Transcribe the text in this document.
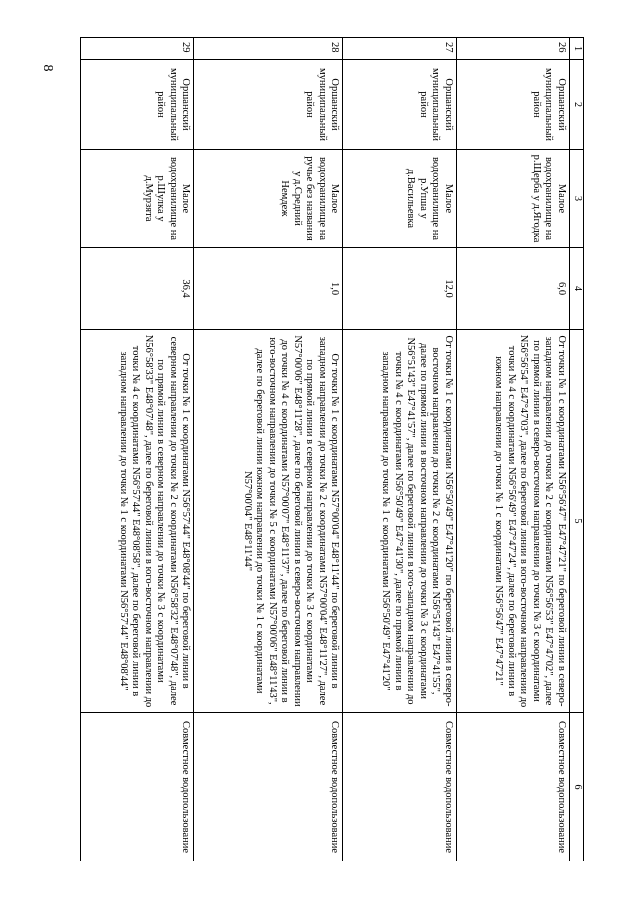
8
1	2	3	4	5	6
26	Оршанский муниципальный район	Малое водохранилище на р.Щерба у д.Ягодка	6,0	От точки № 1 с координатами N56°56'47" E47°47'21" по береговой линии в северо-западном направлении до точки № 2 с координатами N56°56'53" E47°47'02", далее по прямой линии в северо-восточном направлении до точки № 3 с координатами N56°56'54" E47°47'03", далее по береговой линии в юго-восточном направлении до точки № 4 с координатами N56°56'49" E47°47'24", далее по береговой линии в южном направлении до точки № 1 с координатами N56°56'47" E47°47'21"	Совместное водопользование
27	Оршанский муниципальный район	Малое водохранилище на р.Упша у д.Васильевка	12,0	От точки № 1 с координатами N56°50'49" E47°41'20" по береговой линии в северо-восточном направлении до точки № 2 с координатами N56°51'43" E47°41'55", далее по прямой линии в восточном направлении до точки № 3 с координатами N56°51'43" E47°41'57", далее по береговой линии в юго-западном направлении до точки № 4 с координатами N56°50'49" E47°41'30", далее по прямой линии в западном направлении до точки № 1 с координатами N56°50'49" E47°41'20"	Совместное водопользование
28	Оршанский муниципальный район	Малое водохранилище на ручье без названия у д.Средний Немдеж	1,0	От точки № 1 с координатами N57°00'04" E48°11'44" по береговой линии в западном направлении до точки № 2 с координатами N57°00'04" E48°11'27", далее по прямой линии в северном направлении до точки № 3 с координатами N57°00'06" E48°11'28", далее по береговой линии в северо-восточном направлении до точки № 4 с координатами N57°00'07" E48°11'37", далее по береговой линии в юго-восточном направлении до точки № 5 с координатами N57°00'06" E48°11'43", далее по береговой линии южном направлении до точки № 1 с координатами N57°00'04" E48°11'44"	Совместное водопользование
29	Оршанский муниципальный район	Малое водохранилище на р.Шулка у д.Мурзята	36,4	От точки № 1 с координатами N56°57'44" E48°08'44" по береговой линии в северном направлении до точки № 2 с координатами N56°58'32" E48°07'48", далее по прямой линии в северном направлении до точки № 3 с координатами N56°58'33" E48°07'48", далее по береговой линии в юго-восточном направлении до точки № 4 с координатами N56°57'44" E48°08'58", далее по береговой линии в западном направлении до точки № 1 с координатами N56°57'44" E48°08'44"	Совместное водопользование
